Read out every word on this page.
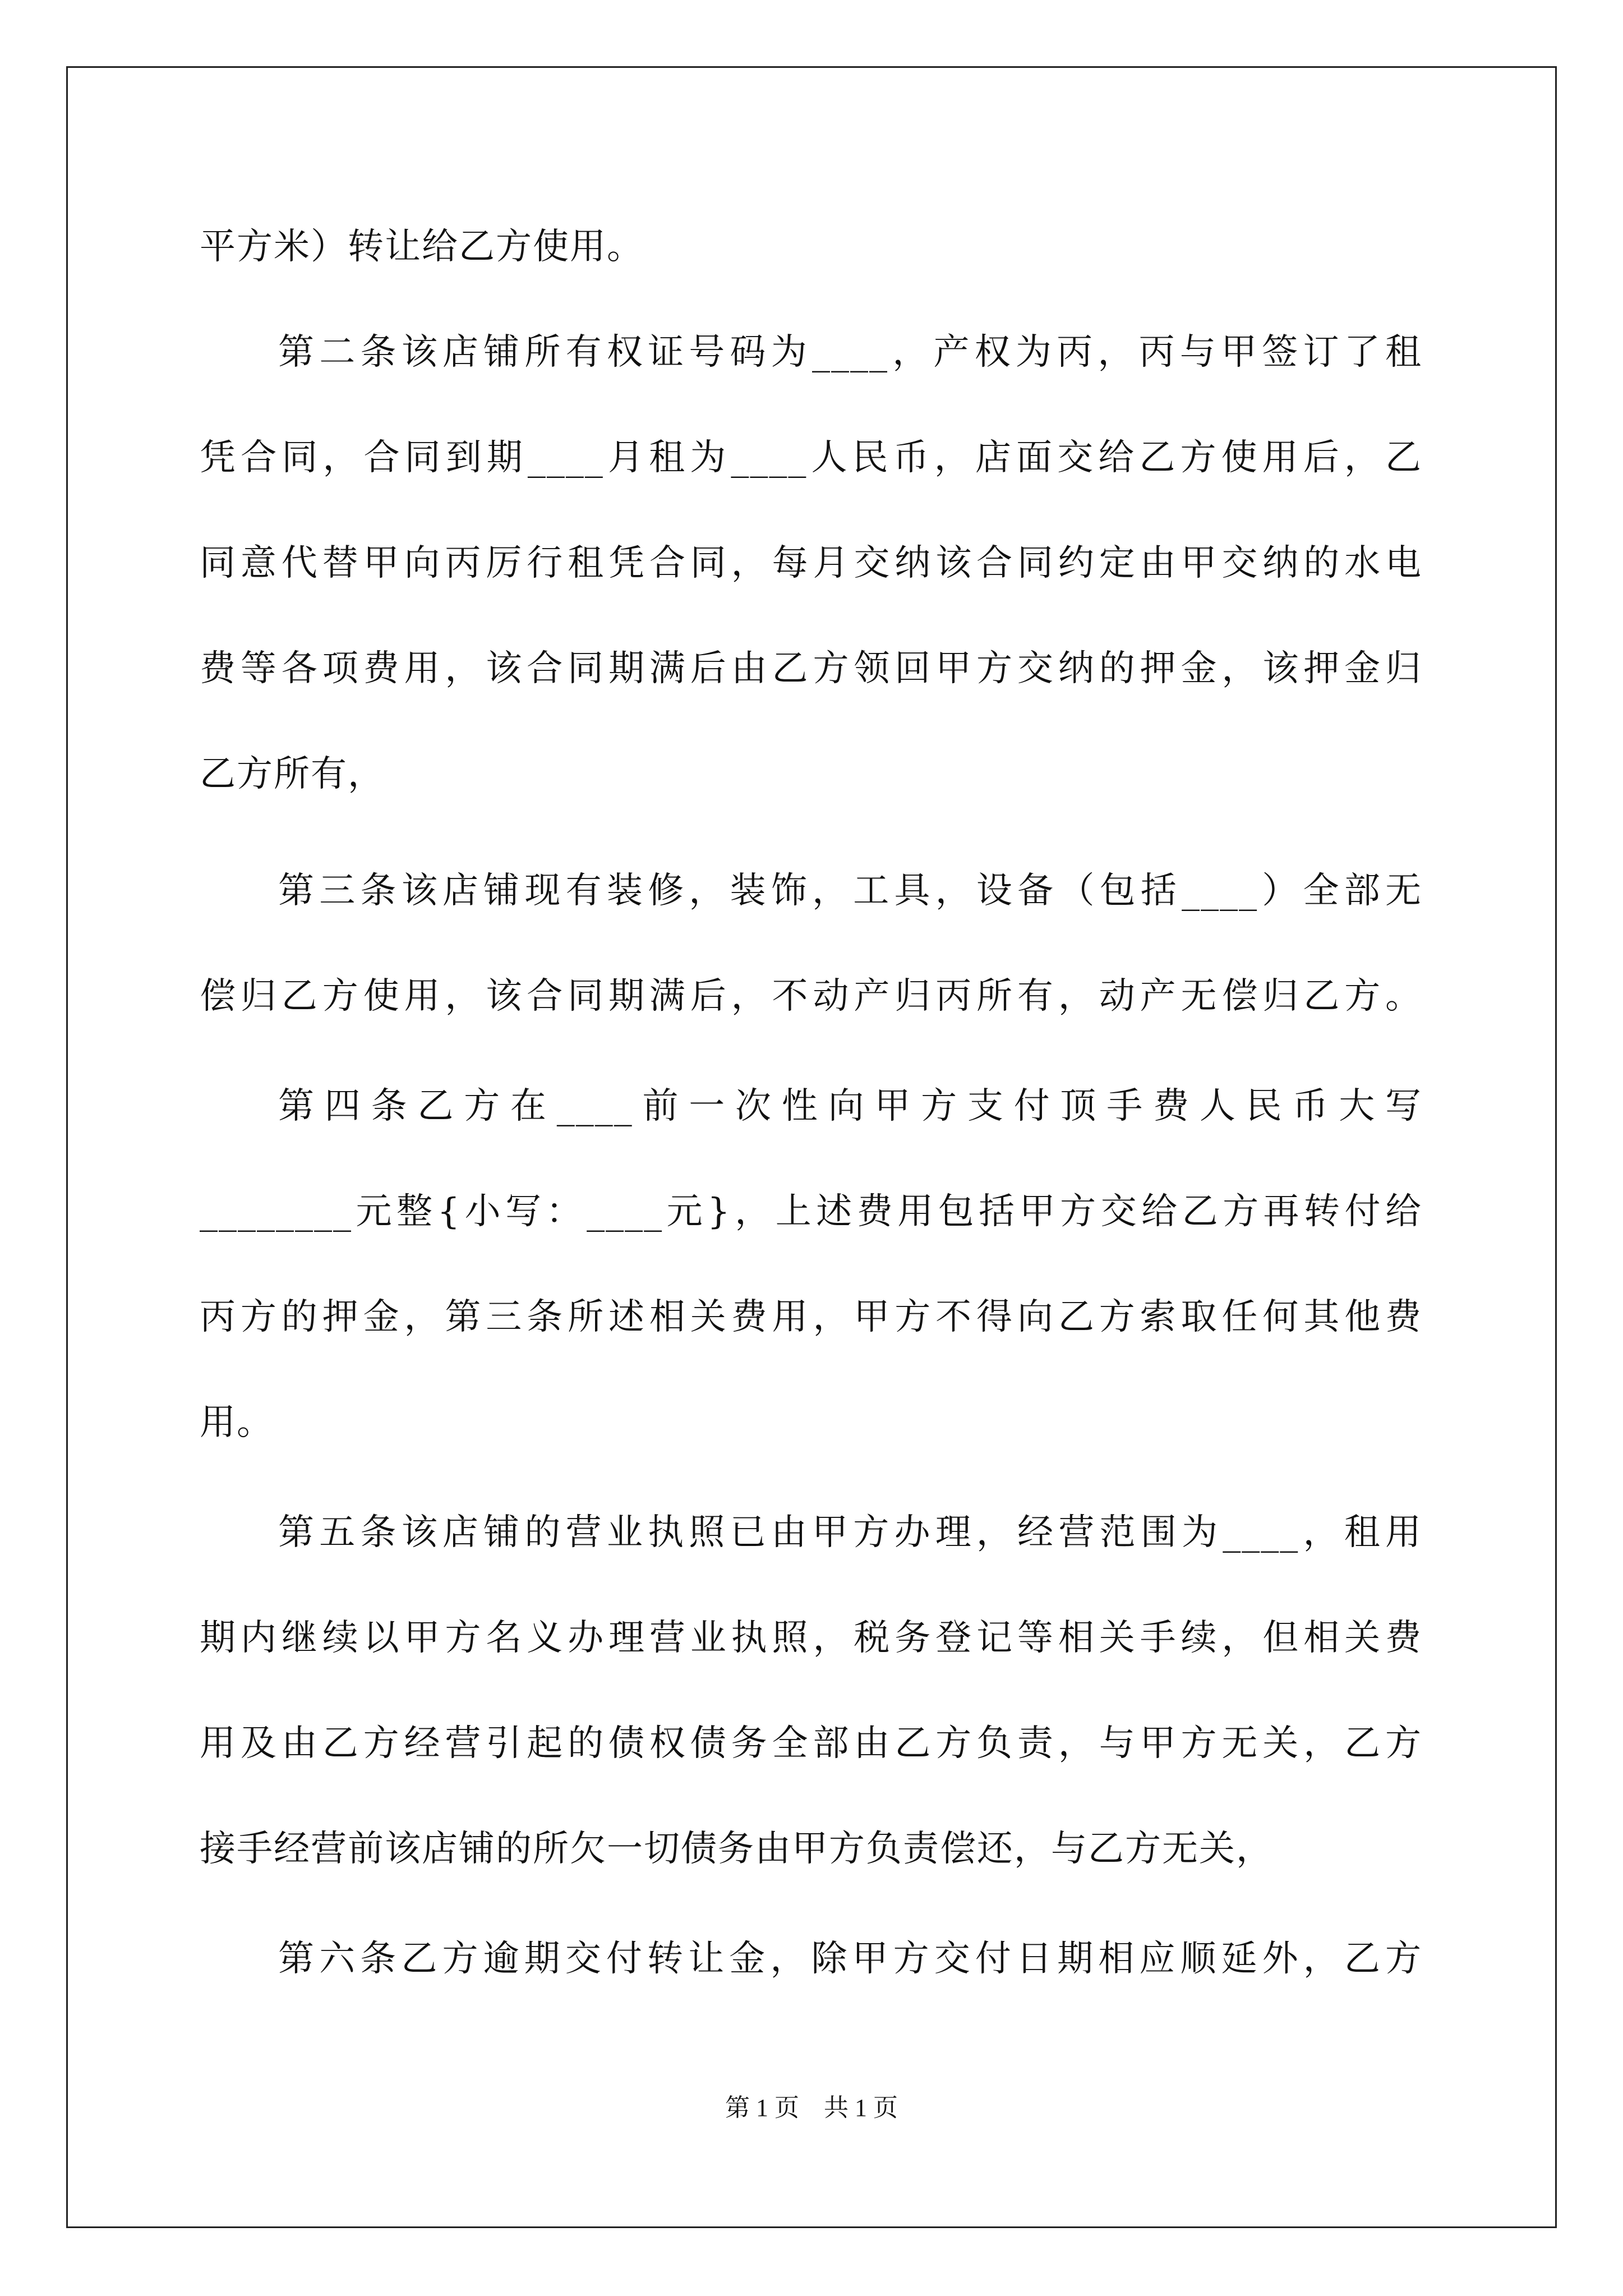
平方米）转让给乙方使用。
第二条该店铺所有权证号码为____，产权为丙，丙与甲签订了租
凭合同，合同到期____月租为____人民币，店面交给乙方使用后，乙
同意代替甲向丙厉行租凭合同，每月交纳该合同约定由甲交纳的水电
费等各项费用，该合同期满后由乙方领回甲方交纳的押金，该押金归
乙方所有，
第三条该店铺现有装修，装饰，工具，设备（包括____）全部无
偿归乙方使用，该合同期满后，不动产归丙所有，动产无偿归乙方。
第四条乙方在____前一次性向甲方支付顶手费人民币大写
________元整{小写：____元}，上述费用包括甲方交给乙方再转付给
丙方的押金，第三条所述相关费用，甲方不得向乙方索取任何其他费
用。
第五条该店铺的营业执照已由甲方办理，经营范围为____，租用
期内继续以甲方名义办理营业执照，税务登记等相关手续，但相关费
用及由乙方经营引起的债权债务全部由乙方负责，与甲方无关，乙方
接手经营前该店铺的所欠一切债务由甲方负责偿还，与乙方无关，
第六条乙方逾期交付转让金，除甲方交付日期相应顺延外，乙方
第 1 页    共 1 页
